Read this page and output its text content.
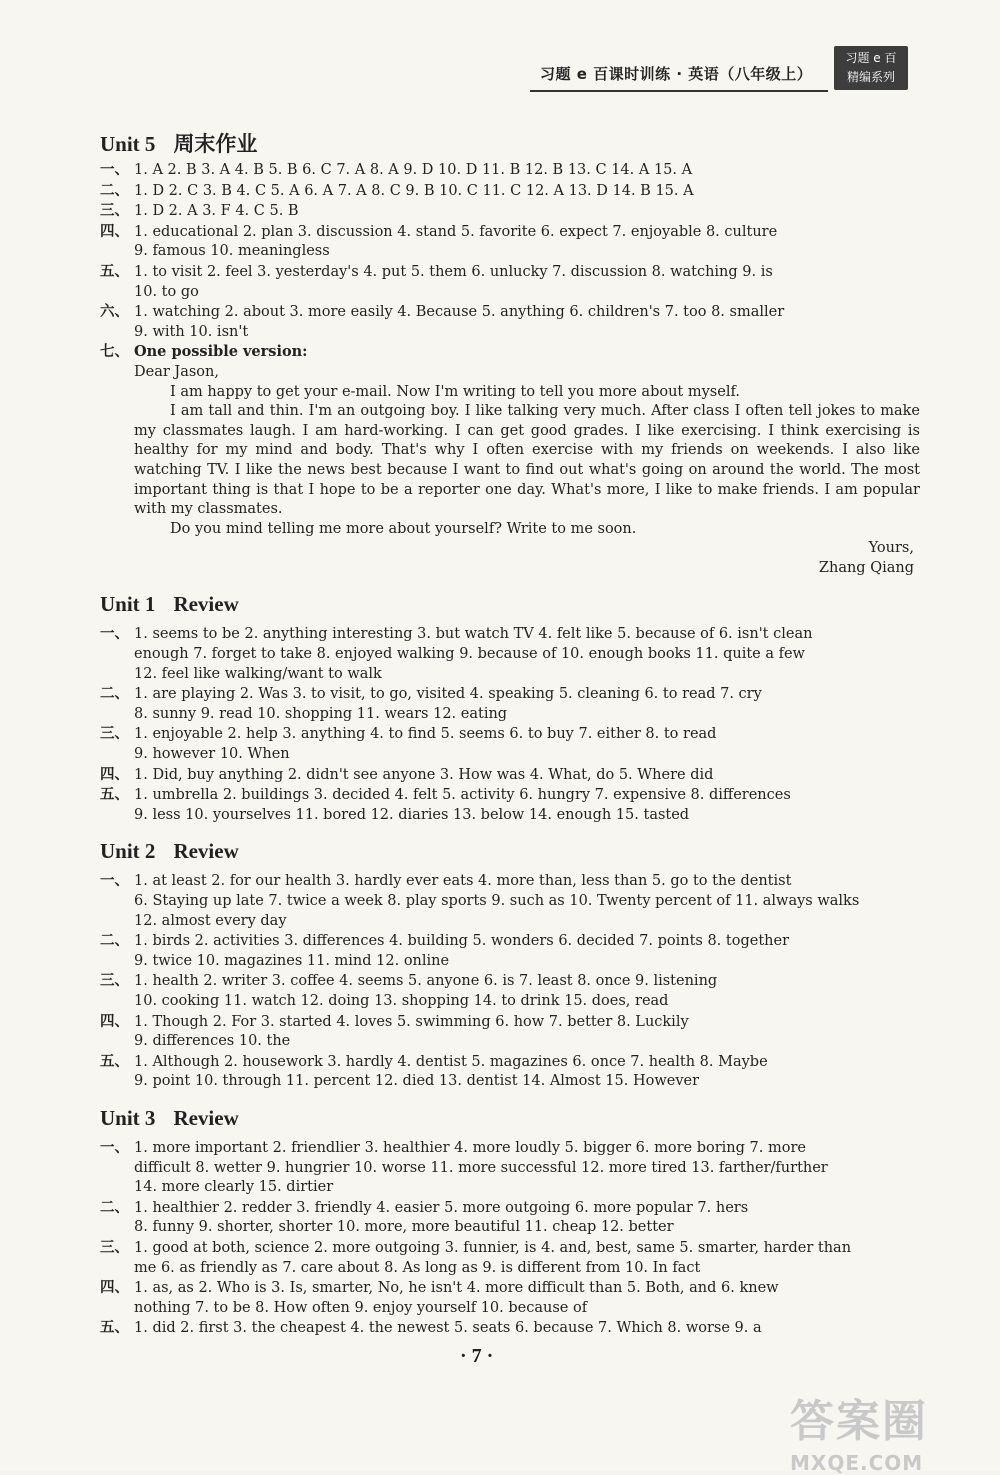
习题 e 百课时训练 · 英语（八年级上）
习题 e 百
精编系列
Unit 5 周末作业
一、 1. A 2. B 3. A 4. B 5. B 6. C 7. A 8. A 9. D 10. D 11. B 12. B 13. C 14. A 15. A
二、 1. D 2. C 3. B 4. C 5. A 6. A 7. A 8. C 9. B 10. C 11. C 12. A 13. D 14. B 15. A
三、 1. D 2. A 3. F 4. C 5. B
四、 1. educational 2. plan 3. discussion 4. stand 5. favorite 6. expect 7. enjoyable 8. culture
9. famous 10. meaningless
五、 1. to visit 2. feel 3. yesterday's 4. put 5. them 6. unlucky 7. discussion 8. watching 9. is
10. to go
六、 1. watching 2. about 3. more easily 4. Because 5. anything 6. children's 7. too 8. smaller
9. with 10. isn't
七、 One possible version:
Dear Jason,
I am happy to get your e-mail. Now I'm writing to tell you more about myself.
I am tall and thin. I'm an outgoing boy. I like talking very much. After class I often tell jokes to make my classmates laugh. I am hard-working. I can get good grades. I like exercising. I think exercising is healthy for my mind and body. That's why I often exercise with my friends on weekends. I also like watching TV. I like the news best because I want to find out what's going on around the world. The most important thing is that I hope to be a reporter one day. What's more, I like to make friends. I am popular with my classmates.
Do you mind telling me more about yourself? Write to me soon.
Yours,
Zhang Qiang
Unit 1 Review
一、 1. seems to be 2. anything interesting 3. but watch TV 4. felt like 5. because of 6. isn't clean
enough 7. forget to take 8. enjoyed walking 9. because of 10. enough books 11. quite a few
12. feel like walking/want to walk
二、 1. are playing 2. Was 3. to visit, to go, visited 4. speaking 5. cleaning 6. to read 7. cry
8. sunny 9. read 10. shopping 11. wears 12. eating
三、 1. enjoyable 2. help 3. anything 4. to find 5. seems 6. to buy 7. either 8. to read
9. however 10. When
四、 1. Did, buy anything 2. didn't see anyone 3. How was 4. What, do 5. Where did
五、 1. umbrella 2. buildings 3. decided 4. felt 5. activity 6. hungry 7. expensive 8. differences
9. less 10. yourselves 11. bored 12. diaries 13. below 14. enough 15. tasted
Unit 2 Review
一、 1. at least 2. for our health 3. hardly ever eats 4. more than, less than 5. go to the dentist
6. Staying up late 7. twice a week 8. play sports 9. such as 10. Twenty percent of 11. always walks
12. almost every day
二、 1. birds 2. activities 3. differences 4. building 5. wonders 6. decided 7. points 8. together
9. twice 10. magazines 11. mind 12. online
三、 1. health 2. writer 3. coffee 4. seems 5. anyone 6. is 7. least 8. once 9. listening
10. cooking 11. watch 12. doing 13. shopping 14. to drink 15. does, read
四、 1. Though 2. For 3. started 4. loves 5. swimming 6. how 7. better 8. Luckily
9. differences 10. the
五、 1. Although 2. housework 3. hardly 4. dentist 5. magazines 6. once 7. health 8. Maybe
9. point 10. through 11. percent 12. died 13. dentist 14. Almost 15. However
Unit 3 Review
一、 1. more important 2. friendlier 3. healthier 4. more loudly 5. bigger 6. more boring 7. more
difficult 8. wetter 9. hungrier 10. worse 11. more successful 12. more tired 13. farther/further
14. more clearly 15. dirtier
二、 1. healthier 2. redder 3. friendly 4. easier 5. more outgoing 6. more popular 7. hers
8. funny 9. shorter, shorter 10. more, more beautiful 11. cheap 12. better
三、 1. good at both, science 2. more outgoing 3. funnier, is 4. and, best, same 5. smarter, harder than
me 6. as friendly as 7. care about 8. As long as 9. is different from 10. In fact
四、 1. as, as 2. Who is 3. Is, smarter, No, he isn't 4. more difficult than 5. Both, and 6. knew
nothing 7. to be 8. How often 9. enjoy yourself 10. because of
五、 1. did 2. first 3. the cheapest 4. the newest 5. seats 6. because 7. Which 8. worse 9. a
· 7 ·
答案圈
MXQE.COM
